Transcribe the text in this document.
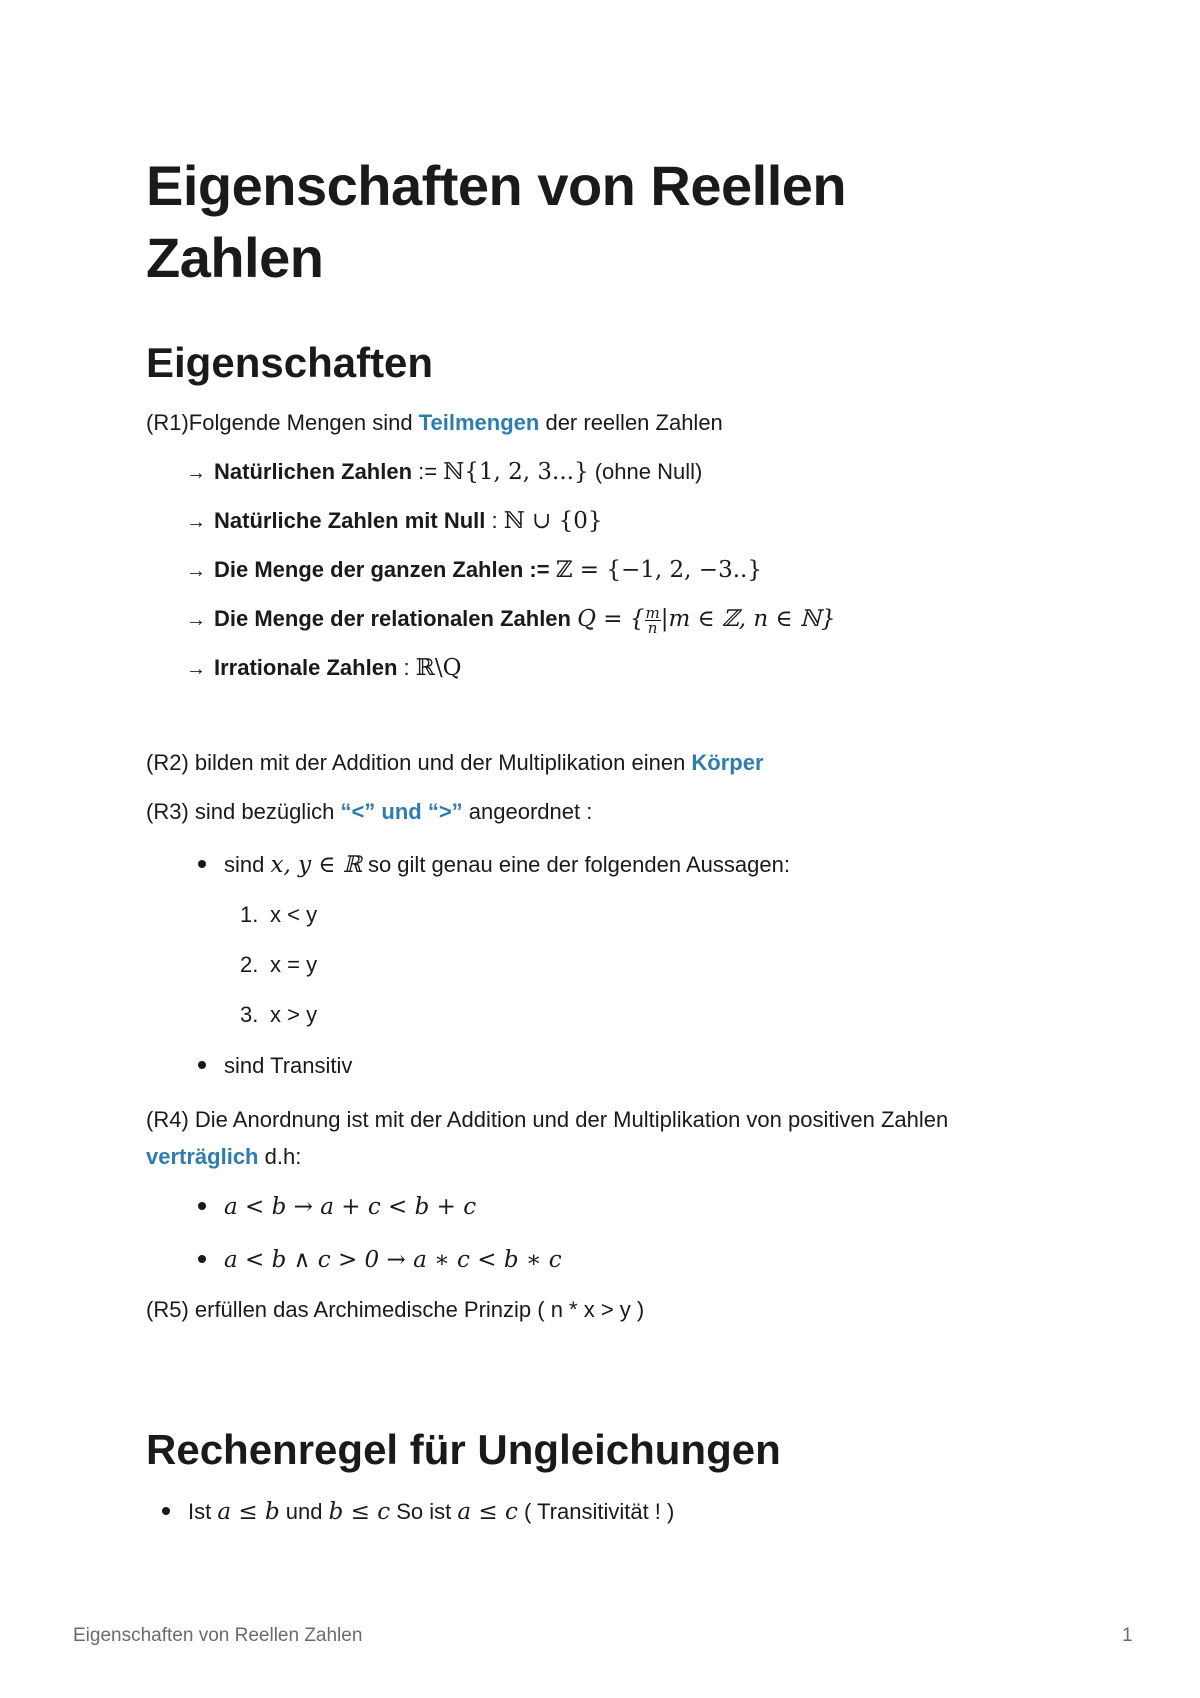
Eigenschaften von Reellen
Zahlen
Eigenschaften

(R1)Folgende Mengen sind Teilmengen der reellen Zahlen

→ Natürlichen Zahlen := ℕ{1, 2, 3...} (ohne Null)
→ Natürliche Zahlen mit Null : ℕ ∪ {0}
→ Die Menge der ganzen Zahlen := ℤ = {−1, 2, −3..}
→ Die Menge der relationalen Zahlen Q = { $\frac{m}{n} |m$ ∈ ℤ, n ∈ ℕ}
→ Irrationale Zahlen : ℝ\Q

(R2) bilden mit der Addition und der Multiplikation einen Körper

(R3) sind bezüglich “<” und “>” angeordnet :

sind x, y ∈ ℝ so gilt genau eine der folgenden Aussagen:
1. x < y
2. x = y
3. x > y
sind Transitiv

(R4) Die Anordnung ist mit der Addition und der Multiplikation von positiven Zahlen

verträglich d.h:

a < b → a + c < b + c
a < b ∧ c > 0 → a ∗ c < b ∗ c

(R5) erfüllen das Archimedische Prinzip ( n * x > y )

Rechenregel für Ungleichungen
Ist a ≤ b und b ≤ c So ist a ≤ c ( Transitivität ! )
Eigenschaften von Reellen Zahlen	1
